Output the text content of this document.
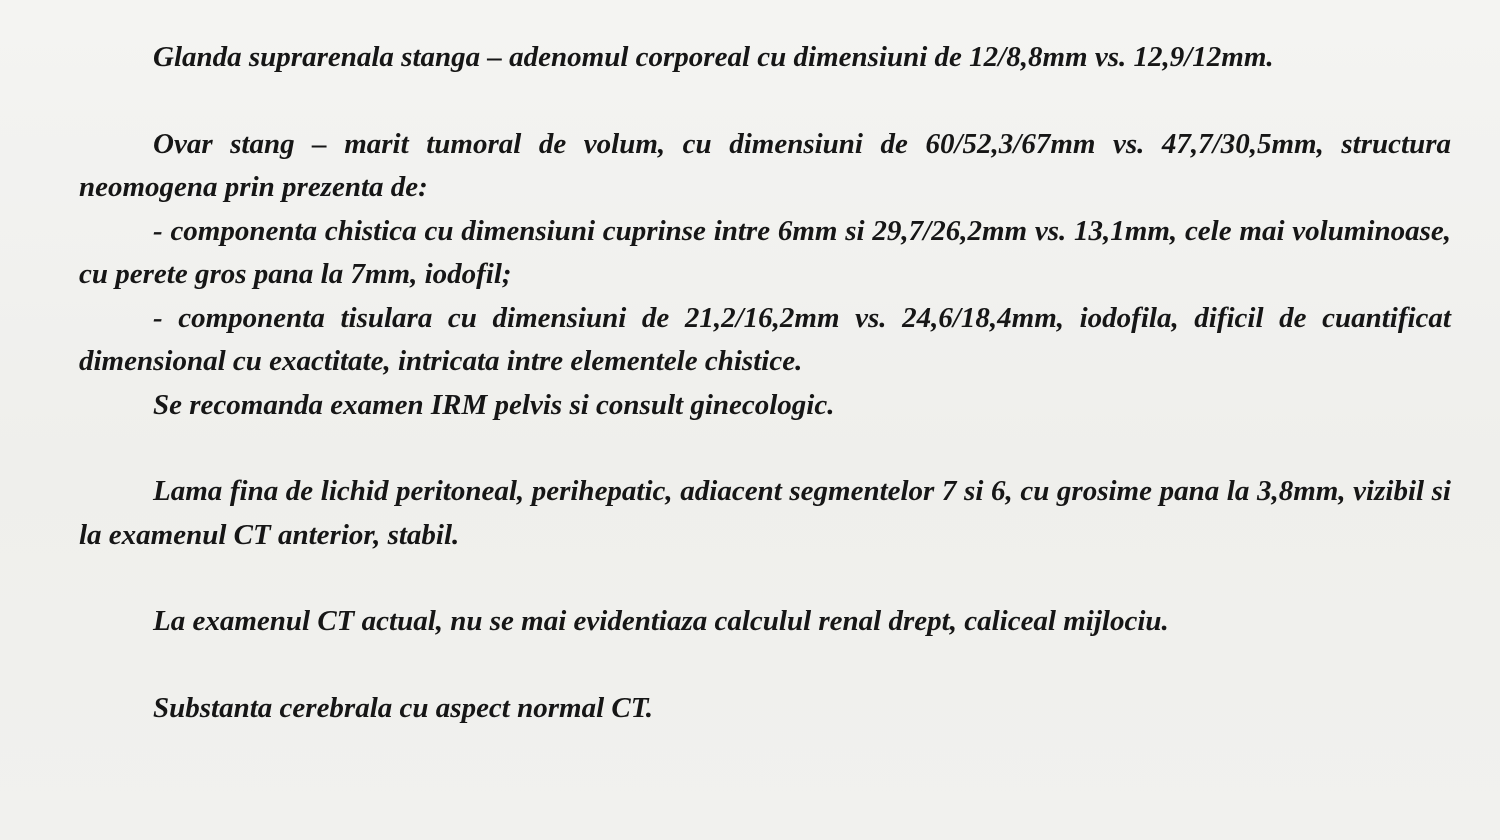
Glanda suprarenala stanga – adenomul corporeal cu dimensiuni de 12/8,8mm vs. 12,9/12mm.

Ovar stang – marit tumoral de volum, cu dimensiuni de 60/52,3/67mm vs. 47,7/30,5mm, structura neomogena prin prezenta de:

- componenta chistica cu dimensiuni cuprinse intre 6mm si 29,7/26,2mm vs. 13,1mm, cele mai voluminoase, cu perete gros pana la 7mm, iodofil;

- componenta tisulara cu dimensiuni de 21,2/16,2mm vs. 24,6/18,4mm, iodofila, dificil de cuantificat dimensional cu exactitate, intricata intre elementele chistice.

Se recomanda examen IRM pelvis si consult ginecologic.

Lama fina de lichid peritoneal, perihepatic, adiacent segmentelor 7 si 6, cu grosime pana la 3,8mm, vizibil si la examenul CT anterior, stabil.

La examenul CT actual, nu se mai evidentiaza calculul renal drept, caliceal mijlociu.

Substanta cerebrala cu aspect normal CT.
